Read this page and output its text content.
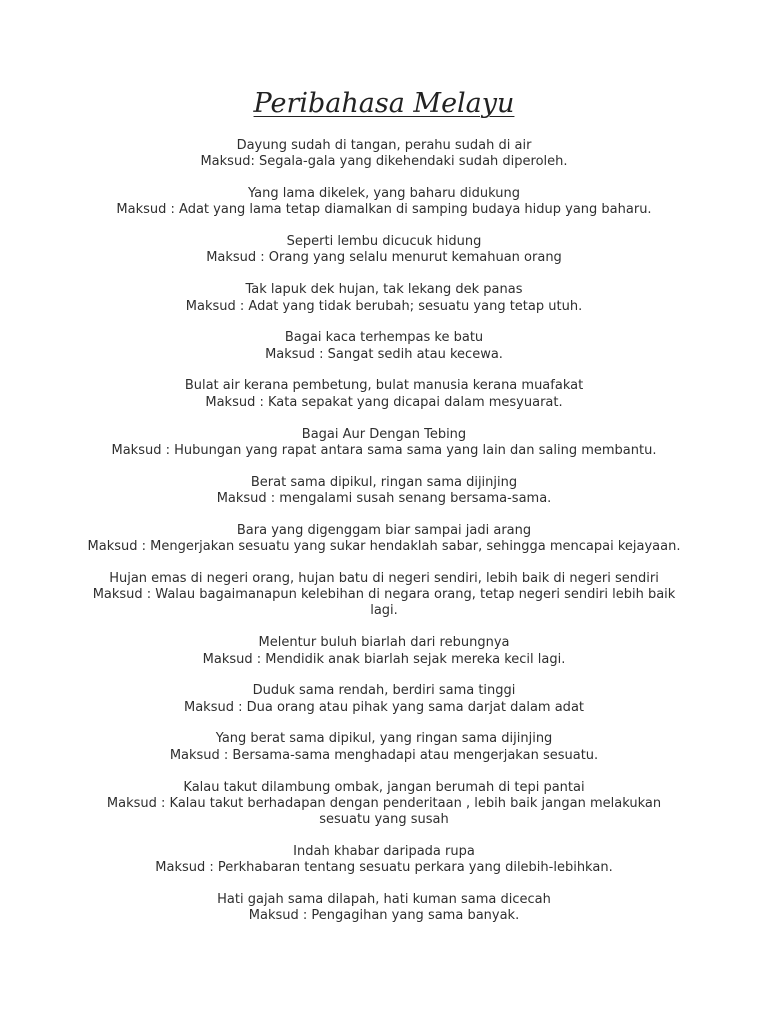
Peribahasa Melayu

Dayung sudah di tangan, perahu sudah di air

Maksud: Segala-gala yang dikehendaki sudah diperoleh.

Yang lama dikelek, yang baharu didukung

Maksud : Adat yang lama tetap diamalkan di samping budaya hidup yang baharu.

Seperti lembu dicucuk hidung

Maksud : Orang yang selalu menurut kemahuan orang

Tak lapuk dek hujan, tak lekang dek panas

Maksud : Adat yang tidak berubah; sesuatu yang tetap utuh.

Bagai kaca terhempas ke batu

Maksud : Sangat sedih atau kecewa.

Bulat air kerana pembetung, bulat manusia kerana muafakat

Maksud : Kata sepakat yang dicapai dalam mesyuarat.

Bagai Aur Dengan Tebing

Maksud : Hubungan yang rapat antara sama sama yang lain dan saling membantu.

Berat sama dipikul, ringan sama dijinjing

Maksud : mengalami susah senang bersama-sama.

Bara yang digenggam biar sampai jadi arang

Maksud : Mengerjakan sesuatu yang sukar hendaklah sabar, sehingga mencapai kejayaan.

Hujan emas di negeri orang, hujan batu di negeri sendiri, lebih baik di negeri sendiri

Maksud : Walau bagaimanapun kelebihan di negara orang, tetap negeri sendiri lebih baik lagi.

Melentur buluh biarlah dari rebungnya

Maksud : Mendidik anak biarlah sejak mereka kecil lagi.

Duduk sama rendah, berdiri sama tinggi

Maksud : Dua orang atau pihak yang sama darjat dalam adat

Yang berat sama dipikul, yang ringan sama dijinjing

Maksud : Bersama-sama menghadapi atau mengerjakan sesuatu.

Kalau takut dilambung ombak, jangan berumah di tepi pantai

Maksud : Kalau takut berhadapan dengan penderitaan , lebih baik jangan melakukan sesuatu yang susah

Indah khabar daripada rupa

Maksud : Perkhabaran tentang sesuatu perkara yang dilebih-lebihkan.

Hati gajah sama dilapah, hati kuman sama dicecah

Maksud : Pengagihan yang sama banyak.
